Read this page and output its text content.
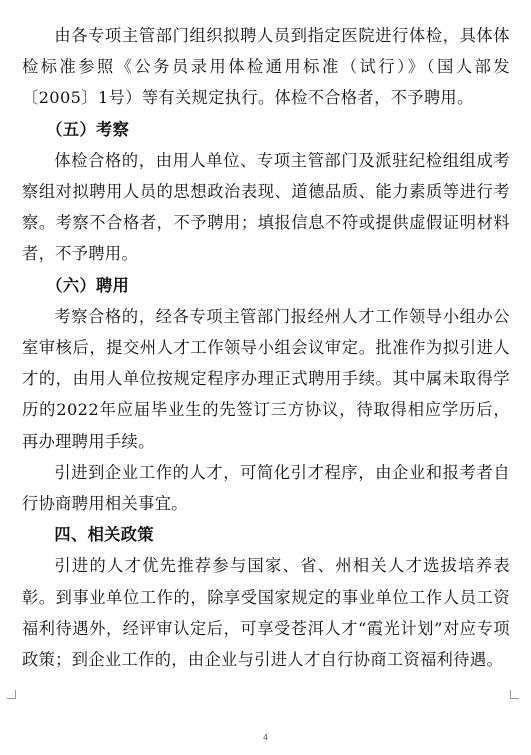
由各专项主管部门组织拟聘人员到指定医院进行体检，具体体检标准参照《公务员录用体检通用标准（试行）》（国人部发〔2005〕1号）等有关规定执行。体检不合格者，不予聘用。

（五）考察

体检合格的，由用人单位、专项主管部门及派驻纪检组组成考察组对拟聘用人员的思想政治表现、道德品质、能力素质等进行考察。考察不合格者，不予聘用；填报信息不符或提供虚假证明材料者，不予聘用。

（六）聘用

考察合格的，经各专项主管部门报经州人才工作领导小组办公室审核后，提交州人才工作领导小组会议审定。批准作为拟引进人才的，由用人单位按规定程序办理正式聘用手续。其中属未取得学历的2022年应届毕业生的先签订三方协议，待取得相应学历后，再办理聘用手续。

引进到企业工作的人才，可简化引才程序，由企业和报考者自行协商聘用相关事宜。

四、相关政策

引进的人才优先推荐参与国家、省、州相关人才选拔培养表彰。到事业单位工作的，除享受国家规定的事业单位工作人员工资福利待遇外，经评审认定后，可享受苍洱人才“霞光计划”对应专项政策；到企业工作的，由企业与引进人才自行协商工资福利待遇。

4
